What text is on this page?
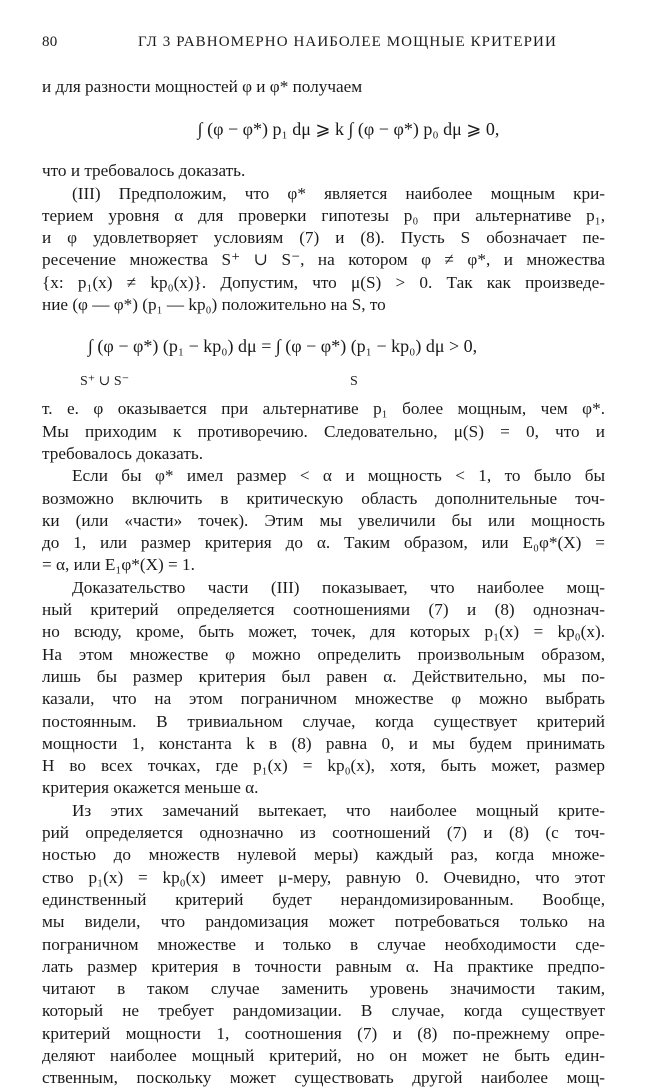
80	ГЛ 3 РАВНОМЕРНО НАИБОЛЕЕ МОЩНЫЕ КРИТЕРИИ

и для разности мощностей φ и φ* получаем

∫ (φ − φ*) p₁ dμ ⩾ k ∫ (φ − φ*) p₀ dμ ⩾ 0,

что и требовалось доказать.

(III) Предположим, что φ* является наиболее мощным кри-

терием уровня α для проверки гипотезы p₀ при альтернативе p₁,

и φ удовлетворяет условиям (7) и (8). Пусть S обозначает пе-

ресечение множества S⁺ ∪ S⁻, на котором φ ≠ φ*, и множества

{x: p₁(x) ≠ kp₀(x)}. Допустим, что μ(S) > 0. Так как произведе-

ние (φ — φ*) (p₁ — kp₀) положительно на S, то

∫ (φ − φ*) (p₁ − kp₀) dμ = ∫ (φ − φ*) (p₁ − kp₀) dμ > 0,
S⁺ ∪ S⁻	S

т. е. φ оказывается при альтернативе p₁ более мощным, чем φ*.

Мы приходим к противоречию. Следовательно, μ(S) = 0, что и

требовалось доказать.

Если бы φ* имел размер < α и мощность < 1, то было бы

возможно включить в критическую область дополнительные точ-

ки (или «части» точек). Этим мы увеличили бы или мощность

до 1, или размер критерия до α. Таким образом, или E₀φ*(X) =

= α, или E₁φ*(X) = 1.

Доказательство части (III) показывает, что наиболее мощ-

ный критерий определяется соотношениями (7) и (8) однознач-

но всюду, кроме, быть может, точек, для которых p₁(x) = kp₀(x).

На этом множестве φ можно определить произвольным образом,

лишь бы размер критерия был равен α. Действительно, мы по-

казали, что на этом пограничном множестве φ можно выбрать

постоянным. В тривиальном случае, когда существует критерий

мощности 1, константа k в (8) равна 0, и мы будем принимать

H во всех точках, где p₁(x) = kp₀(x), хотя, быть может, размер

критерия окажется меньше α.

Из этих замечаний вытекает, что наиболее мощный крите-

рий определяется однозначно из соотношений (7) и (8) (с точ-

ностью до множеств нулевой меры) каждый раз, когда множе-

ство p₁(x) = kp₀(x) имеет μ-меру, равную 0. Очевидно, что этот

единственный критерий будет нерандомизированным. Вообще,

мы видели, что рандомизация может потребоваться только на

пограничном множестве и только в случае необходимости сде-

лать размер критерия в точности равным α. На практике предпо-

читают в таком случае заменить уровень значимости таким,

который не требует рандомизации. В случае, когда существует

критерий мощности 1, соотношения (7) и (8) по-прежнему опре-

деляют наиболее мощный критерий, но он может не быть един-

ственным, поскольку может существовать другой наиболее мощ-
